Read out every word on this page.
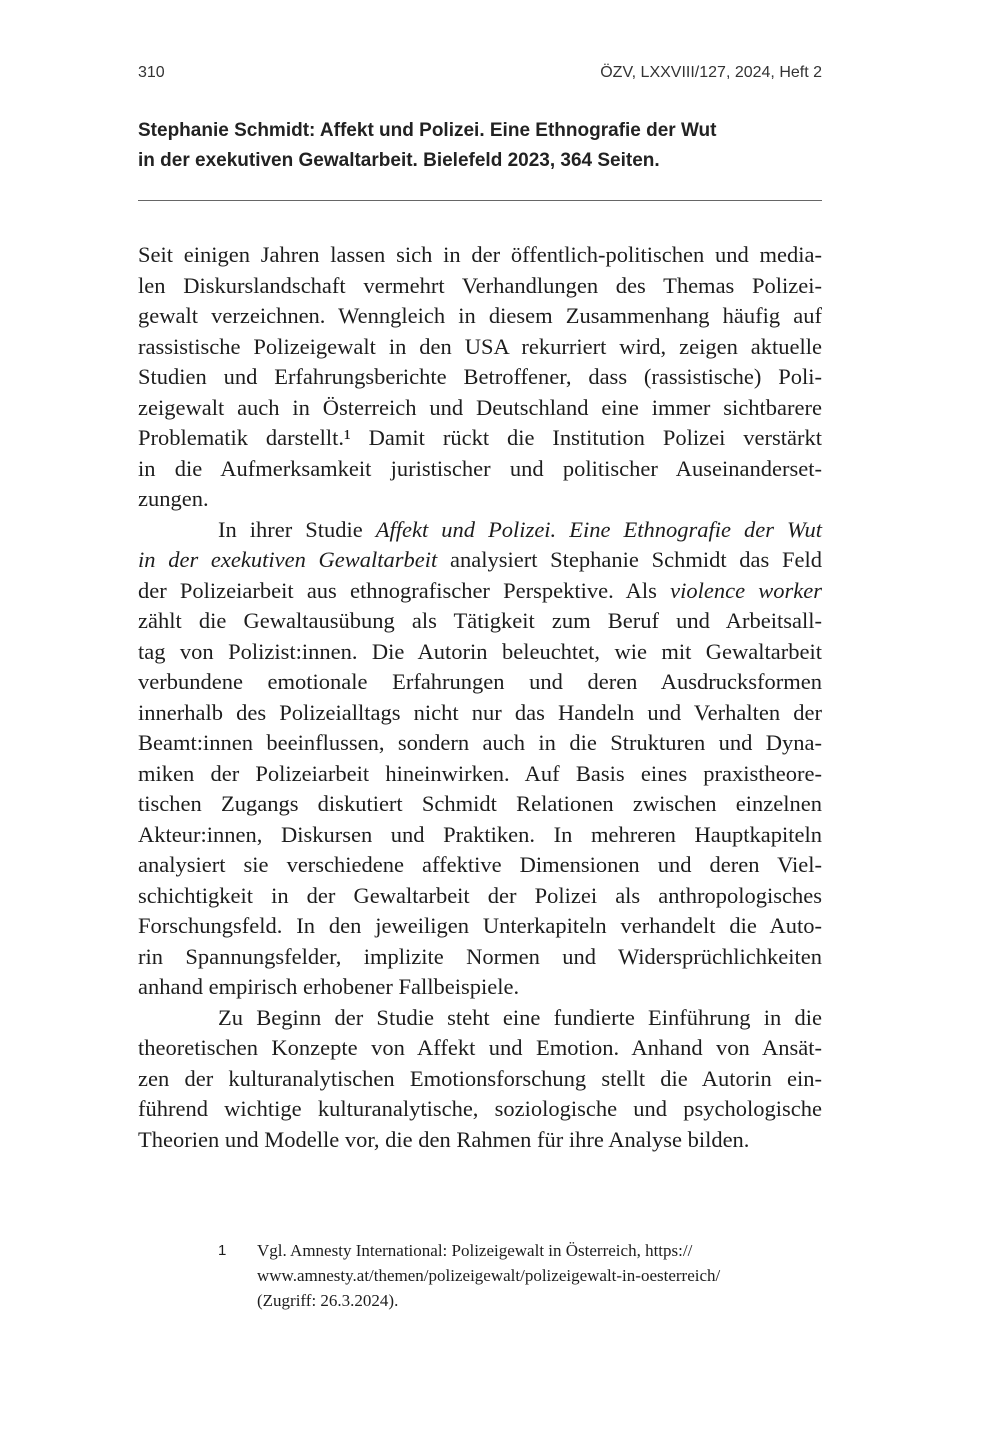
310	ÖZV, LXXVIII/127, 2024, Heft 2
Stephanie Schmidt: Affekt und Polizei. Eine Ethnografie der Wut
in der exekutiven Gewaltarbeit. Bielefeld 2023, 364 Seiten.
Seit einigen Jahren lassen sich in der öffentlich-politischen und media-
len Diskurslandschaft vermehrt Verhandlungen des Themas Polizei-
gewalt verzeichnen. Wenngleich in diesem Zusammenhang häufig auf
rassistische Polizeigewalt in den USA rekurriert wird, zeigen aktuelle
Studien und Erfahrungsberichte Betroffener, dass (rassistische) Poli-
zeigewalt auch in Österreich und Deutschland eine immer sichtbarere
Problematik darstellt.¹ Damit rückt die Institution Polizei verstärkt
in die Aufmerksamkeit juristischer und politischer Auseinanderset-
zungen.
In ihrer Studie Affekt und Polizei. Eine Ethnografie der Wut
in der exekutiven Gewaltarbeit analysiert Stephanie Schmidt das Feld
der Polizeiarbeit aus ethnografischer Perspektive. Als violence worker
zählt die Gewaltausübung als Tätigkeit zum Beruf und Arbeitsall-
tag von Polizist:innen. Die Autorin beleuchtet, wie mit Gewaltarbeit
verbundene emotionale Erfahrungen und deren Ausdrucksformen
innerhalb des Polizeialltags nicht nur das Handeln und Verhalten der
Beamt:innen beeinflussen, sondern auch in die Strukturen und Dyna-
miken der Polizeiarbeit hineinwirken. Auf Basis eines praxistheore-
tischen Zugangs diskutiert Schmidt Relationen zwischen einzelnen
Akteur:innen, Diskursen und Praktiken. In mehreren Hauptkapiteln
analysiert sie verschiedene affektive Dimensionen und deren Viel-
schichtigkeit in der Gewaltarbeit der Polizei als anthropologisches
Forschungsfeld. In den jeweiligen Unterkapiteln verhandelt die Auto-
rin Spannungsfelder, implizite Normen und Widersprüchlichkeiten
anhand empirisch erhobener Fallbeispiele.
Zu Beginn der Studie steht eine fundierte Einführung in die
theoretischen Konzepte von Affekt und Emotion. Anhand von Ansät-
zen der kulturanalytischen Emotionsforschung stellt die Autorin ein-
führend wichtige kulturanalytische, soziologische und psychologische
Theorien und Modelle vor, die den Rahmen für ihre Analyse bilden.
1 Vgl. Amnesty International: Polizeigewalt in Österreich, https://
www.amnesty.at/themen/polizeigewalt/polizeigewalt-in-oesterreich/
(Zugriff: 26.3.2024).
